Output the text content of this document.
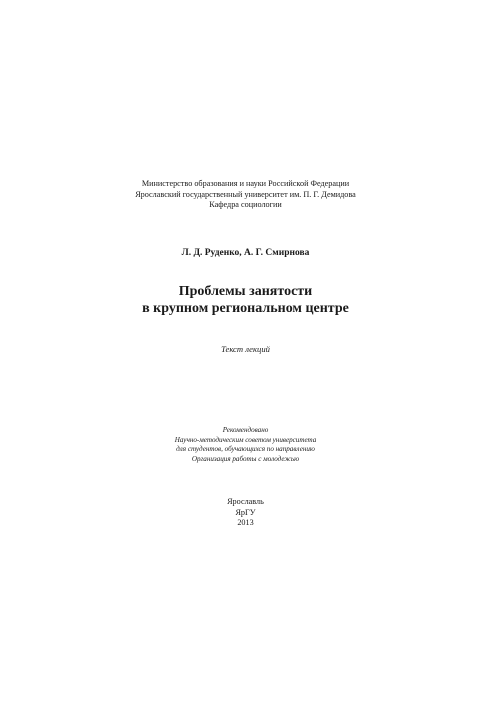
Министерство образования и науки Российской Федерации
Ярославский государственный университет им. П. Г. Демидова
Кафедра социологии
Л. Д. Руденко, А. Г. Смирнова
Проблемы занятости
в крупном региональном центре
Текст лекций
Рекомендовано
Научно-методическим советом университета
для студентов, обучающихся по направлению
Организация работы с молодежью
Ярославль
ЯрГУ
2013
